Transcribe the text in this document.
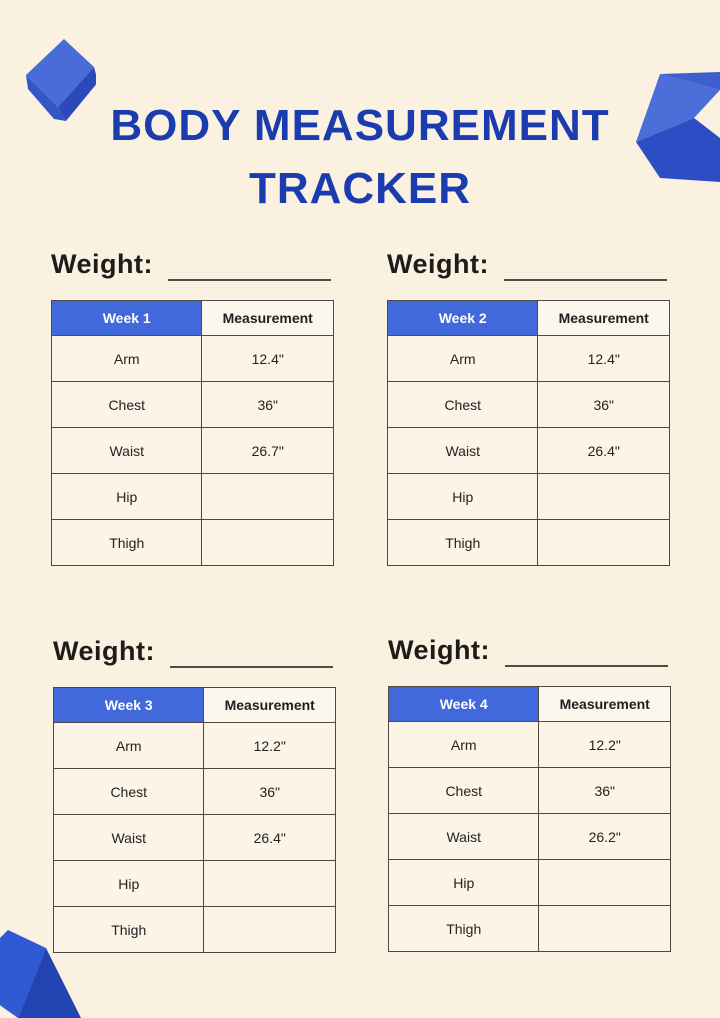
BODY MEASUREMENT
TRACKER
Weight:
Week 1	Measurement
Arm	12.4"
Chest	36"
Waist	26.7"
Hip	
Thigh	
Weight:
Week 2	Measurement
Arm	12.4"
Chest	36"
Waist	26.4"
Hip	
Thigh	
Weight:
Week 3	Measurement
Arm	12.2"
Chest	36"
Waist	26.4"
Hip	
Thigh	
Weight:
Week 4	Measurement
Arm	12.2"
Chest	36"
Waist	26.2"
Hip	
Thigh	
